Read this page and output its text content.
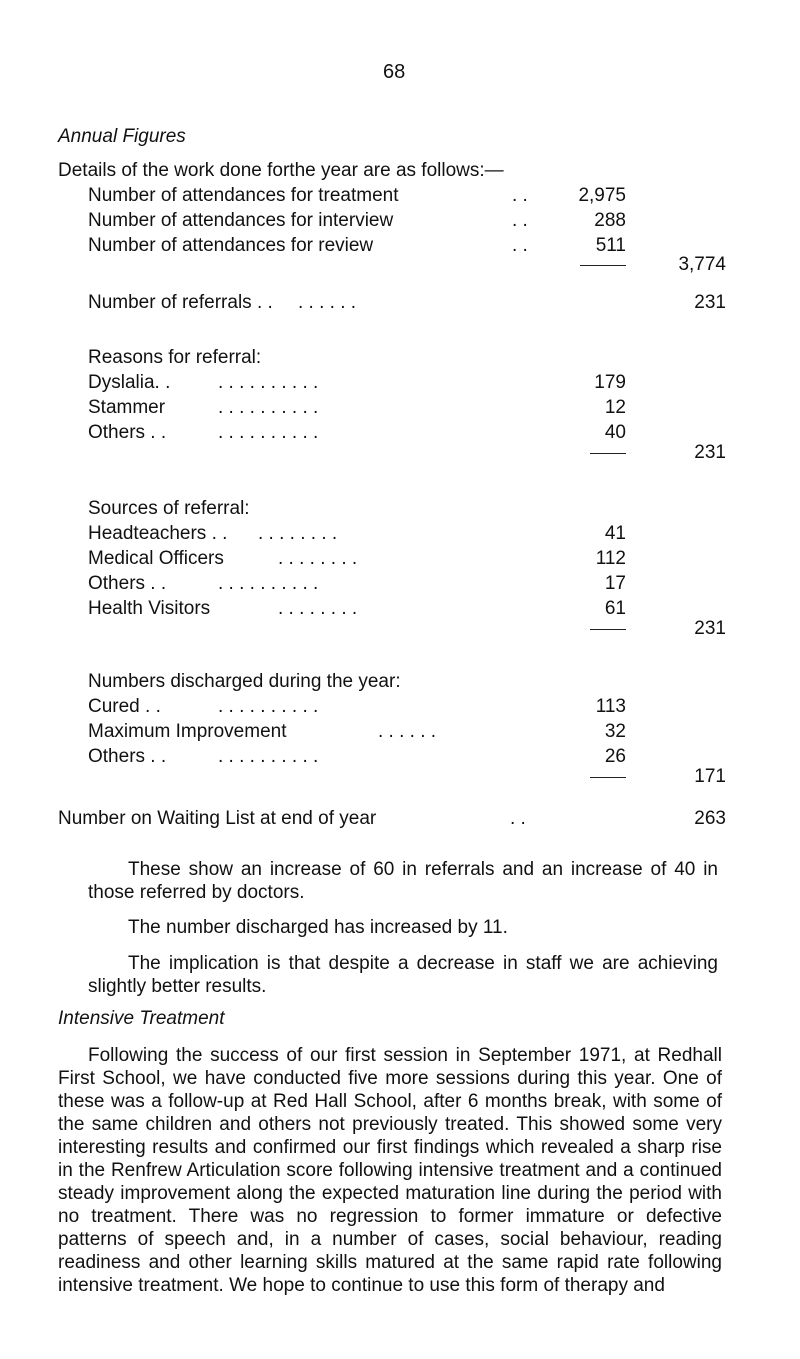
68
Annual Figures
Details of the work done forthe year are as follows:—
Number of attendances for treatment	. .	2,975
Number of attendances for interview	. .	288
Number of attendances for review	. .	511
3,774
Number of referrals . . . . . . . .	231
Reasons for referral:
Dyslalia. .	. . . . . . . . . .	179
Stammer	. . . . . . . . . .	12
Others . .	. . . . . . . . . .	40
231
Sources of referral:
Headteachers . . . . . . . . . .	41
Medical Officers	. . . . . . . .	112
Others . .	. . . . . . . . . .	17
Health Visitors	. . . . . . . .	61
231
Numbers discharged during the year:
Cured . .	. . . . . . . . . .	113
Maximum Improvement	. . . . . .	32
Others . .	. . . . . . . . . .	26
171
Number on Waiting List at end of year	. .	263
These show an increase of 60 in referrals and an increase of 40 in those referred by doctors.
The number discharged has increased by 11.
The implication is that despite a decrease in staff we are achieving slightly better results.
Intensive Treatment
Following the success of our first session in September 1971, at Redhall First School, we have conducted five more sessions during this year. One of these was a follow-up at Red Hall School, after 6 months break, with some of the same children and others not previously treated. This showed some very interesting results and confirmed our first findings which revealed a sharp rise in the Renfrew Articulation score following intensive treatment and a continued steady improvement along the expected maturation line during the period with no treatment. There was no regression to former immature or defective patterns of speech and, in a number of cases, social behaviour, reading readiness and other learning skills matured at the same rapid rate following intensive treatment. We hope to continue to use this form of therapy and
